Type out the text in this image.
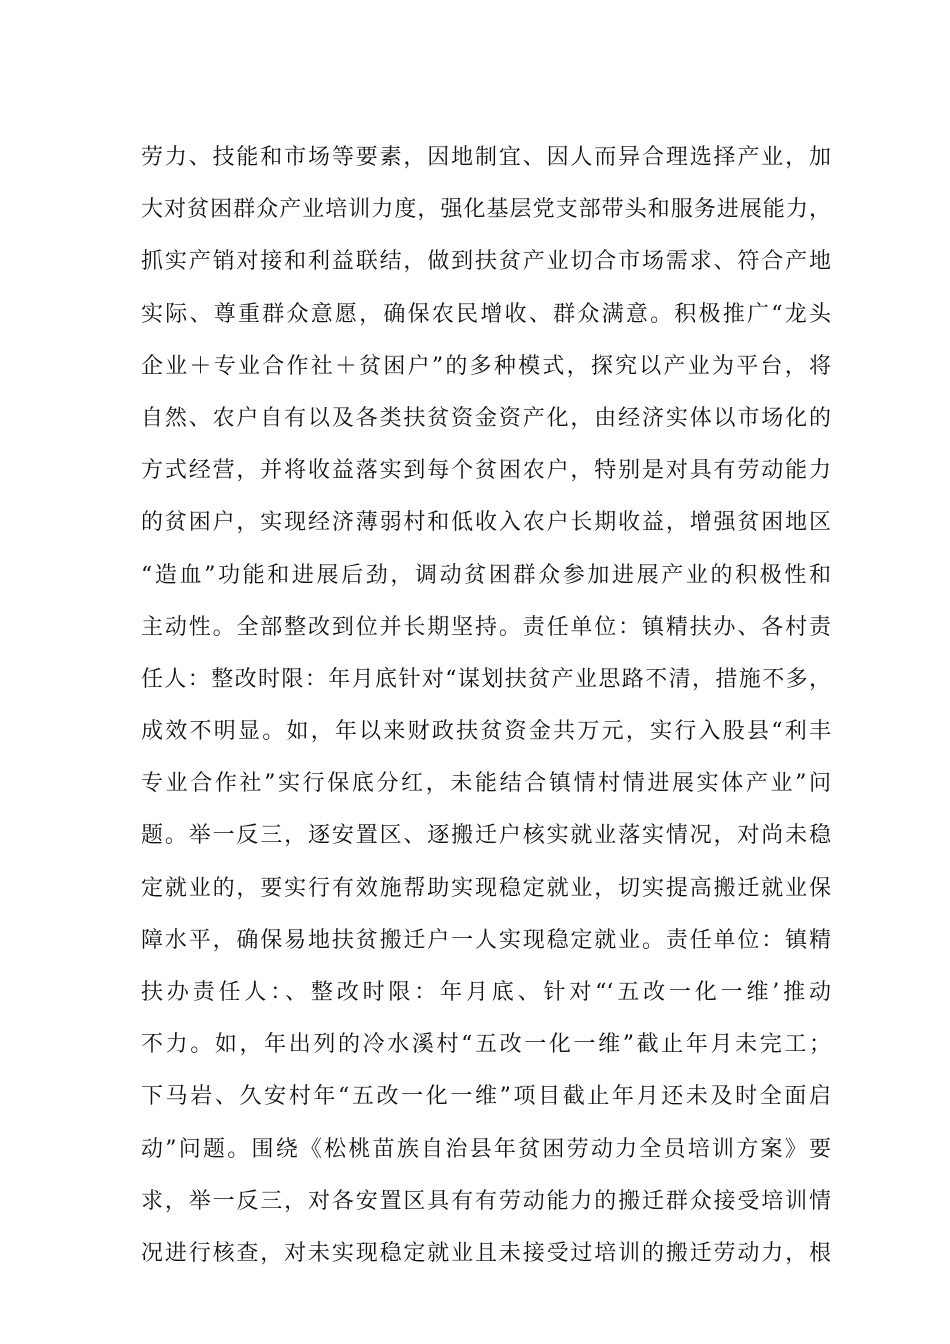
劳力、技能和市场等要素，因地制宜、因人而异合理选择产业，加
大对贫困群众产业培训力度，强化基层党支部带头和服务进展能力，
抓实产销对接和利益联结，做到扶贫产业切合市场需求、符合产地
实际、尊重群众意愿，确保农民增收、群众满意。积极推广“龙头
企业＋专业合作社＋贫困户”的多种模式，探究以产业为平台，将
自然、农户自有以及各类扶贫资金资产化，由经济实体以市场化的
方式经营，并将收益落实到每个贫困农户，特别是对具有劳动能力
的贫困户，实现经济薄弱村和低收入农户长期收益，增强贫困地区
“造血”功能和进展后劲，调动贫困群众参加进展产业的积极性和
主动性。全部整改到位并长期坚持。责任单位：镇精扶办、各村责
任人：整改时限：年月底针对“谋划扶贫产业思路不清，措施不多，
成效不明显。如，年以来财政扶贫资金共万元，实行入股县“利丰
专业合作社”实行保底分红，未能结合镇情村情进展实体产业”问
题。举一反三，逐安置区、逐搬迁户核实就业落实情况，对尚未稳
定就业的，要实行有效施帮助实现稳定就业，切实提高搬迁就业保
障水平，确保易地扶贫搬迁户一人实现稳定就业。责任单位：镇精
扶办责任人：、整改时限：年月底、针对“‘五改一化一维’推动
不力。如，年出列的冷水溪村“五改一化一维”截止年月未完工；
下马岩、久安村年“五改一化一维”项目截止年月还未及时全面启
动”问题。围绕《松桃苗族自治县年贫困劳动力全员培训方案》要
求，举一反三，对各安置区具有有劳动能力的搬迁群众接受培训情
况进行核查，对未实现稳定就业且未接受过培训的搬迁劳动力，根
